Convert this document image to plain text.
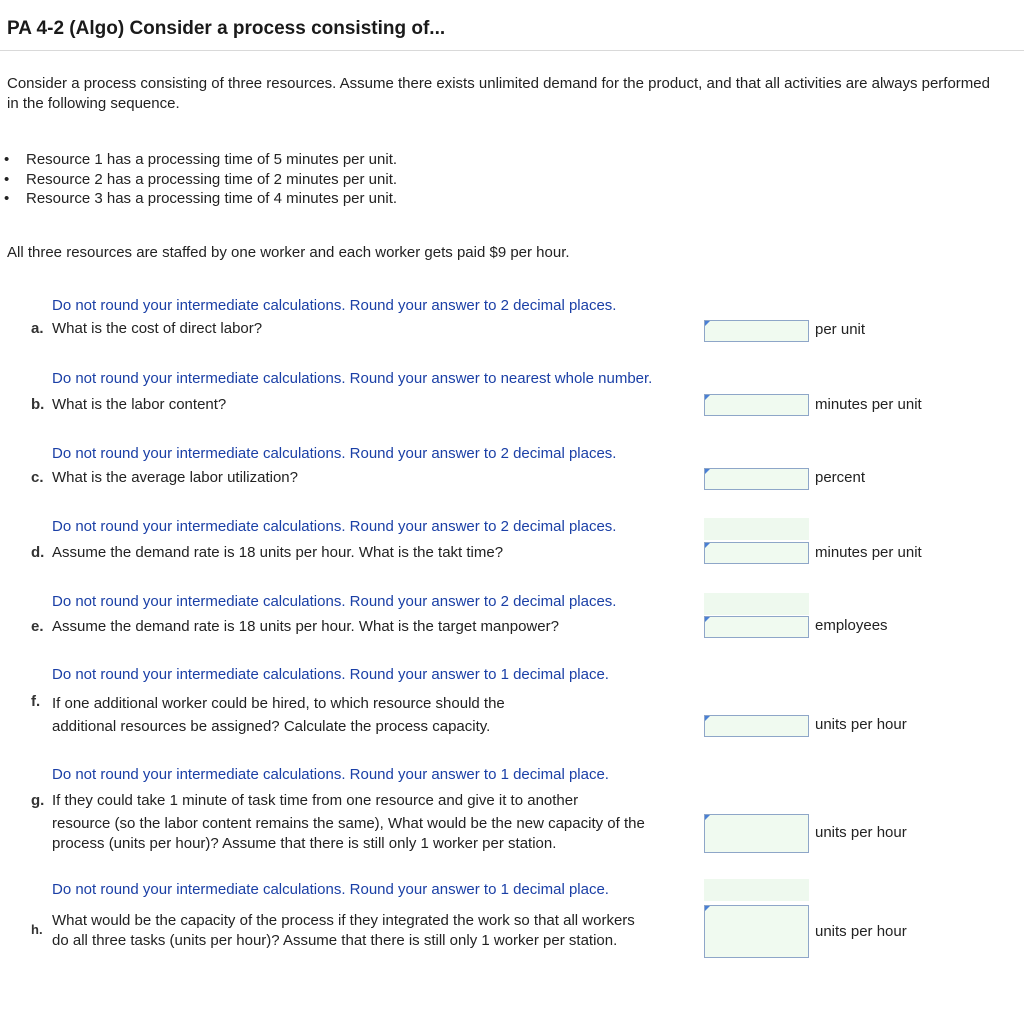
PA 4-2 (Algo) Consider a process consisting of...
Consider a process consisting of three resources. Assume there exists unlimited demand for the product, and that all activities are always performed in the following sequence.
• Resource 1 has a processing time of 5 minutes per unit.
• Resource 2 has a processing time of 2 minutes per unit.
• Resource 3 has a processing time of 4 minutes per unit.
All three resources are staffed by one worker and each worker gets paid $9 per hour.
Do not round your intermediate calculations. Round your answer to 2 decimal places.
a. What is the cost of direct labor?	per unit
Do not round your intermediate calculations. Round your answer to nearest whole number.
b. What is the labor content?	minutes per unit
Do not round your intermediate calculations. Round your answer to 2 decimal places.
c. What is the average labor utilization?	percent
Do not round your intermediate calculations. Round your answer to 2 decimal places.
d. Assume the demand rate is 18 units per hour. What is the takt time?	minutes per unit
Do not round your intermediate calculations. Round your answer to 2 decimal places.
e. Assume the demand rate is 18 units per hour. What is the target manpower?	employees
Do not round your intermediate calculations. Round your answer to 1 decimal place.
f. If one additional worker could be hired, to which resource should the
additional resources be assigned? Calculate the process capacity.	units per hour
Do not round your intermediate calculations. Round your answer to 1 decimal place.
g. If they could take 1 minute of task time from one resource and give it to another
resource (so the labor content remains the same), What would be the new capacity of the
process (units per hour)? Assume that there is still only 1 worker per station.
units per hour
Do not round your intermediate calculations. Round your answer to 1 decimal place.
h.
What would be the capacity of the process if they integrated the work so that all workers
do all three tasks (units per hour)? Assume that there is still only 1 worker per station.
units per hour
